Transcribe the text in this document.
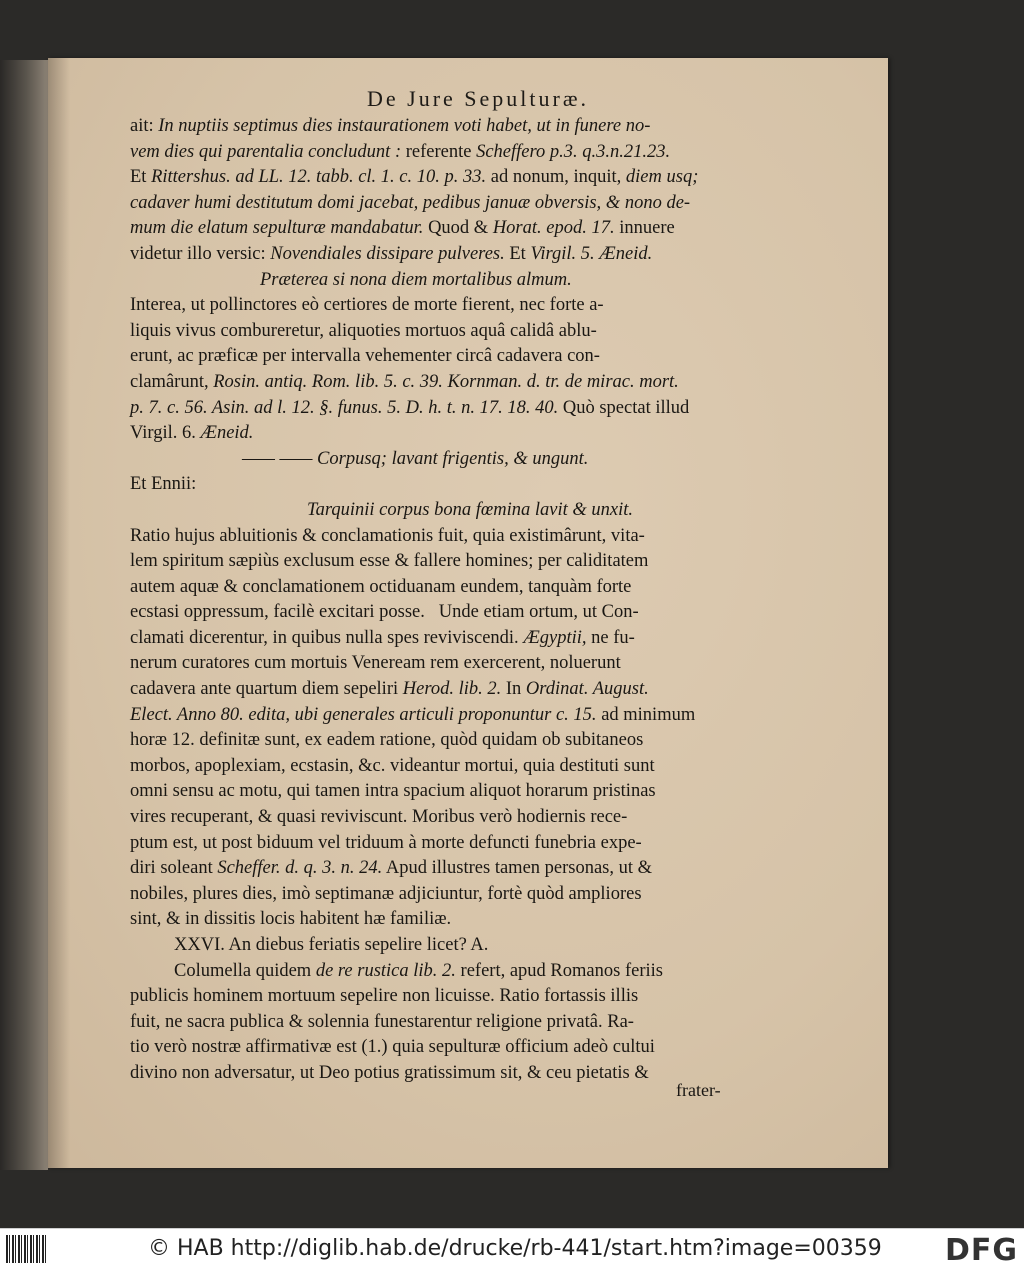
De Jure Sepulturæ.
ait: In nuptiis septimus dies instaurationem voti habet, ut in funere no-
vem dies qui parentalia concludunt : referente Scheffero p.3. q.3.n.21.23.
Et Rittershus. ad LL. 12. tabb. cl. 1. c. 10. p. 33. ad nonum, inquit, diem usq;
cadaver humi destitutum domi jacebat, pedibus januæ obversis, & nono de-
mum die elatum sepulturæ mandabatur. Quod & Horat. epod. 17. innuere
videtur illo versic: Novendiales dissipare pulveres. Et Virgil. 5. Æneid.
Præterea si nona diem mortalibus almum.
Interea, ut pollinctores eò certiores de morte fierent, nec forte a-
liquis vivus combureretur, aliquoties mortuos aquâ calidâ ablu-
erunt, ac præficæ per intervalla vehementer circâ cadavera con-
clamârunt, Rosin. antiq. Rom. lib. 5. c. 39. Kornman. d. tr. de mirac. mort.
p. 7. c. 56. Asin. ad l. 12. §. funus. 5. D. h. t. n. 17. 18. 40. Quò spectat illud
Virgil. 6. Æneid.
—— —— Corpusq; lavant frigentis, & ungunt.
Et Ennii:
Tarquinii corpus bona fœmina lavit & unxit.
Ratio hujus abluitionis & conclamationis fuit, quia existimârunt, vita-
lem spiritum sæpiùs exclusum esse & fallere homines; per caliditatem
autem aquæ & conclamationem octiduanam eundem, tanquàm forte
ecstasi oppressum, facilè excitari posse.   Unde etiam ortum, ut Con-
clamati dicerentur, in quibus nulla spes reviviscendi. Ægyptii, ne fu-
nerum curatores cum mortuis Veneream rem exercerent, noluerunt
cadavera ante quartum diem sepeliri Herod. lib. 2. In Ordinat. August.
Elect. Anno 80. edita, ubi generales articuli proponuntur c. 15. ad minimum
horæ 12. definitæ sunt, ex eadem ratione, quòd quidam ob subitaneos
morbos, apoplexiam, ecstasin, &c. videantur mortui, quia destituti sunt
omni sensu ac motu, qui tamen intra spacium aliquot horarum pristinas
vires recuperant, & quasi reviviscunt. Moribus verò hodiernis rece-
ptum est, ut post biduum vel triduum à morte defuncti funebria expe-
diri soleant Scheffer. d. q. 3. n. 24. Apud illustres tamen personas, ut &
nobiles, plures dies, imò septimanæ adjiciuntur, fortè quòd ampliores
sint, & in dissitis locis habitent hæ familiæ.
XXVI. An diebus feriatis sepelire licet? A.
Columella quidem de re rustica lib. 2. refert, apud Romanos feriis
publicis hominem mortuum sepelire non licuisse. Ratio fortassis illis
fuit, ne sacra publica & solennia funestarentur religione privatâ. Ra-
tio verò nostræ affirmativæ est (1.) quia sepulturæ officium adeò cultui
divino non adversatur, ut Deo potius gratissimum sit, & ceu pietatis &
frater-
© HAB http://diglib.hab.de/drucke/rb-441/start.htm?image=00359 DFG
